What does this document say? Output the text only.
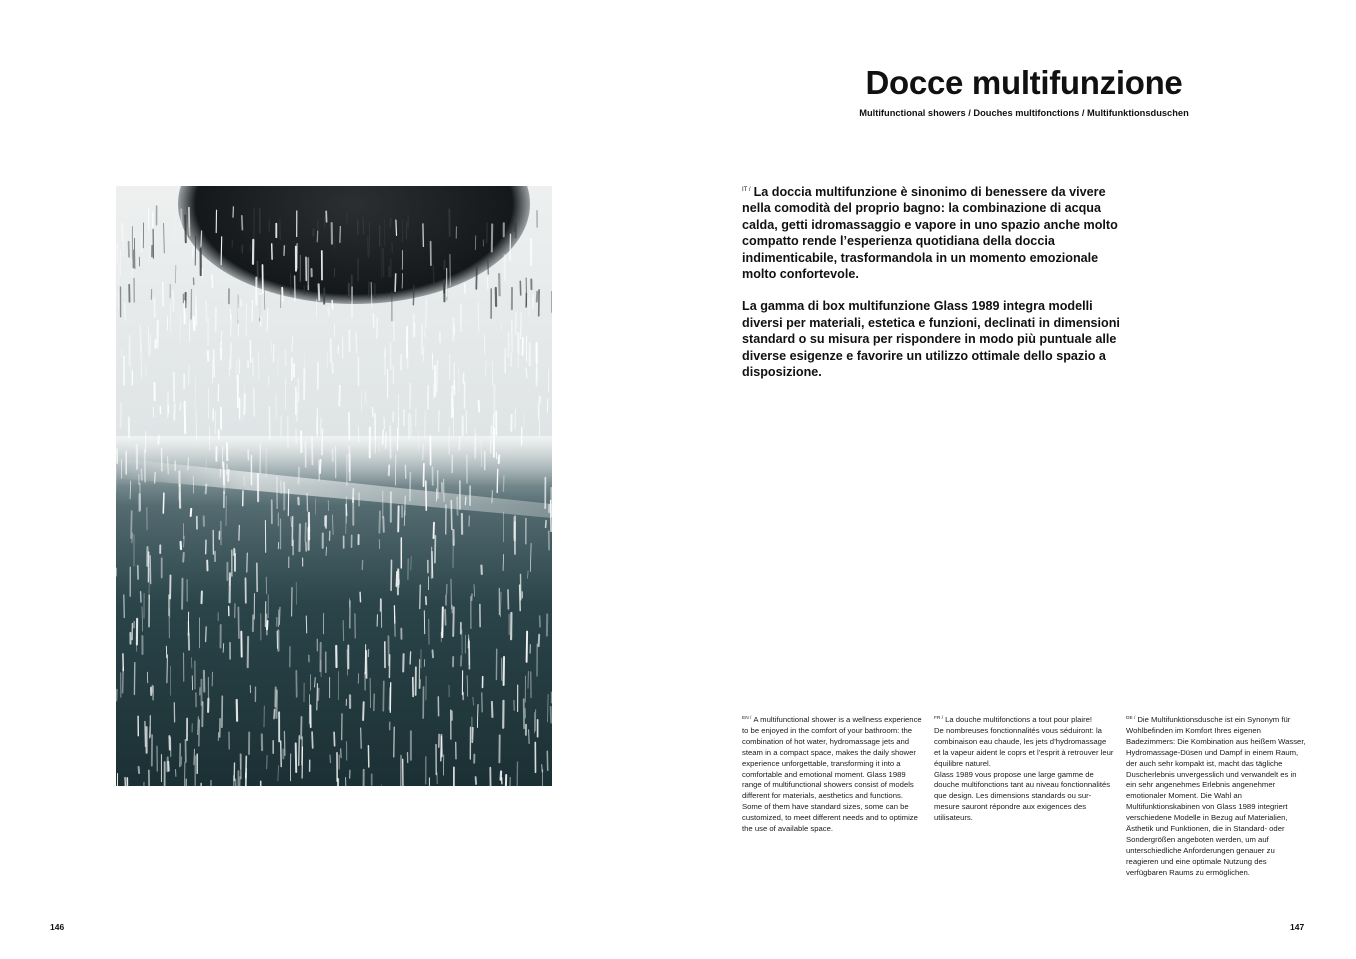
Docce multifunzione
Multifunctional showers / Douches multifonctions / Multifunktionsduschen

$^{IT /}$ La doccia multifunzione è sinonimo di benessere da vivere nella comodità del proprio bagno: la combinazione di acqua calda, getti idromassaggio e vapore in uno spazio anche molto compatto rende l’esperienza quotidiana della doccia indimenticabile, trasformandola in un momento emozionale molto confortevole.

La gamma di box multifunzione Glass 1989 integra modelli diversi per materiali, estetica e funzioni, declinati in dimensioni standard o su misura per rispondere in modo più puntuale alle diverse esigenze e favorire un utilizzo ottimale dello spazio a disposizione.

$^{EN /}$ A multifunctional shower is a wellness experience to be enjoyed in the comfort of your bathroom: the combination of hot water, hydromassage jets and steam in a compact space, makes the daily shower experience unforgettable, transforming it into a comfortable and emotional moment. Glass 1989 range of multifunctional showers consist of models different for materials, aesthetics and functions. Some of them have standard sizes, some can be customized, to meet different needs and to optimize the use of available space.

$^{FR /}$ La douche multifonctions a tout pour plaire!

De nombreuses fonctionnalités vous séduiront: la combinaison eau chaude, les jets d’hydromassage et la vapeur aident le coprs et l’esprit à retrouver leur équilibre naturel.

Glass 1989 vous propose une large gamme de douche multifonctions tant au niveau fonctionnalités que design. Les dimensions standards ou sur-mesure sauront répondre aux exigences des utilisateurs.

$^{DE /}$ Die Multifunktionsdusche ist ein Synonym für Wohlbefinden im Komfort Ihres eigenen Badezimmers: Die Kombination aus heißem Wasser, Hydromassage-Düsen und Dampf in einem Raum, der auch sehr kompakt ist, macht das tägliche Duscherlebnis unvergesslich und verwandelt es in ein sehr angenehmes Erlebnis angenehmer emotionaler Moment. Die Wahl an Multifunktionskabinen von Glass 1989 integriert verschiedene Modelle in Bezug auf Materialien, Ästhetik und Funktionen, die in Standard- oder Sondergrößen angeboten werden, um auf unterschiedliche Anforderungen genauer zu reagieren und eine optimale Nutzung des verfügbaren Raums zu ermöglichen.

146	147
